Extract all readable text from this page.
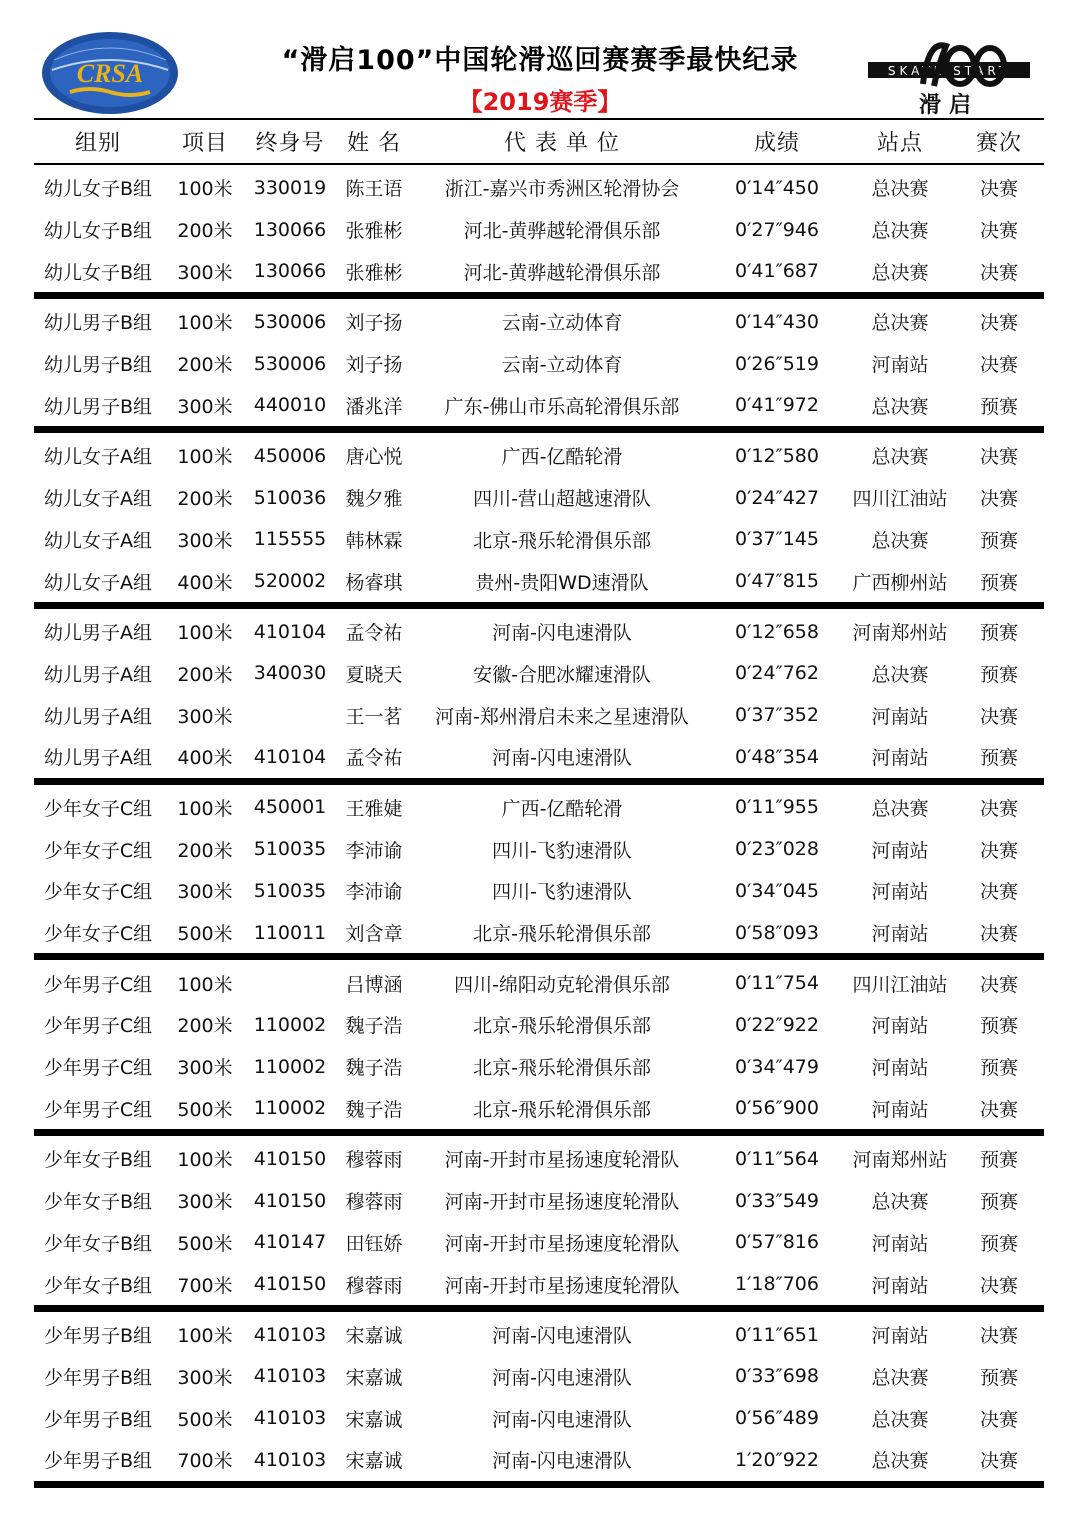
CRSA	“滑启100”中国轮滑巡回赛赛季最快纪录
【2019赛季】
SKATE START
滑启
组别	项目	终身号	姓 名	代 表 单 位	成绩	站点	赛次
幼儿女子B组	100米	330019	陈王语	浙江-嘉兴市秀洲区轮滑协会	0′14″450	总决赛	决赛
幼儿女子B组	200米	130066	张雅彬	河北-黄骅越轮滑俱乐部	0′27″946	总决赛	决赛
幼儿女子B组	300米	130066	张雅彬	河北-黄骅越轮滑俱乐部	0′41″687	总决赛	决赛
幼儿男子B组	100米	530006	刘子扬	云南-立动体育	0′14″430	总决赛	决赛
幼儿男子B组	200米	530006	刘子扬	云南-立动体育	0′26″519	河南站	决赛
幼儿男子B组	300米	440010	潘兆洋	广东-佛山市乐高轮滑俱乐部	0′41″972	总决赛	预赛
幼儿女子A组	100米	450006	唐心悦	广西-亿酷轮滑	0′12″580	总决赛	决赛
幼儿女子A组	200米	510036	魏夕雅	四川-营山超越速滑队	0′24″427	四川江油站	决赛
幼儿女子A组	300米	115555	韩林霖	北京-飛乐轮滑俱乐部	0′37″145	总决赛	预赛
幼儿女子A组	400米	520002	杨睿琪	贵州-贵阳WD速滑队	0′47″815	广西柳州站	预赛
幼儿男子A组	100米	410104	孟令祐	河南-闪电速滑队	0′12″658	河南郑州站	预赛
幼儿男子A组	200米	340030	夏晓天	安徽-合肥冰耀速滑队	0′24″762	总决赛	预赛
幼儿男子A组	300米		王一茗	河南-郑州滑启未来之星速滑队	0′37″352	河南站	决赛
幼儿男子A组	400米	410104	孟令祐	河南-闪电速滑队	0′48″354	河南站	预赛
少年女子C组	100米	450001	王雅婕	广西-亿酷轮滑	0′11″955	总决赛	决赛
少年女子C组	200米	510035	李沛谕	四川-飞豹速滑队	0′23″028	河南站	决赛
少年女子C组	300米	510035	李沛谕	四川-飞豹速滑队	0′34″045	河南站	决赛
少年女子C组	500米	110011	刘含章	北京-飛乐轮滑俱乐部	0′58″093	河南站	决赛
少年男子C组	100米		吕博涵	四川-绵阳动克轮滑俱乐部	0′11″754	四川江油站	决赛
少年男子C组	200米	110002	魏子浩	北京-飛乐轮滑俱乐部	0′22″922	河南站	预赛
少年男子C组	300米	110002	魏子浩	北京-飛乐轮滑俱乐部	0′34″479	河南站	预赛
少年男子C组	500米	110002	魏子浩	北京-飛乐轮滑俱乐部	0′56″900	河南站	决赛
少年女子B组	100米	410150	穆蓉雨	河南-开封市星扬速度轮滑队	0′11″564	河南郑州站	预赛
少年女子B组	300米	410150	穆蓉雨	河南-开封市星扬速度轮滑队	0′33″549	总决赛	预赛
少年女子B组	500米	410147	田钰娇	河南-开封市星扬速度轮滑队	0′57″816	河南站	预赛
少年女子B组	700米	410150	穆蓉雨	河南-开封市星扬速度轮滑队	1′18″706	河南站	决赛
少年男子B组	100米	410103	宋嘉诚	河南-闪电速滑队	0′11″651	河南站	决赛
少年男子B组	300米	410103	宋嘉诚	河南-闪电速滑队	0′33″698	总决赛	预赛
少年男子B组	500米	410103	宋嘉诚	河南-闪电速滑队	0′56″489	总决赛	决赛
少年男子B组	700米	410103	宋嘉诚	河南-闪电速滑队	1′20″922	总决赛	决赛
